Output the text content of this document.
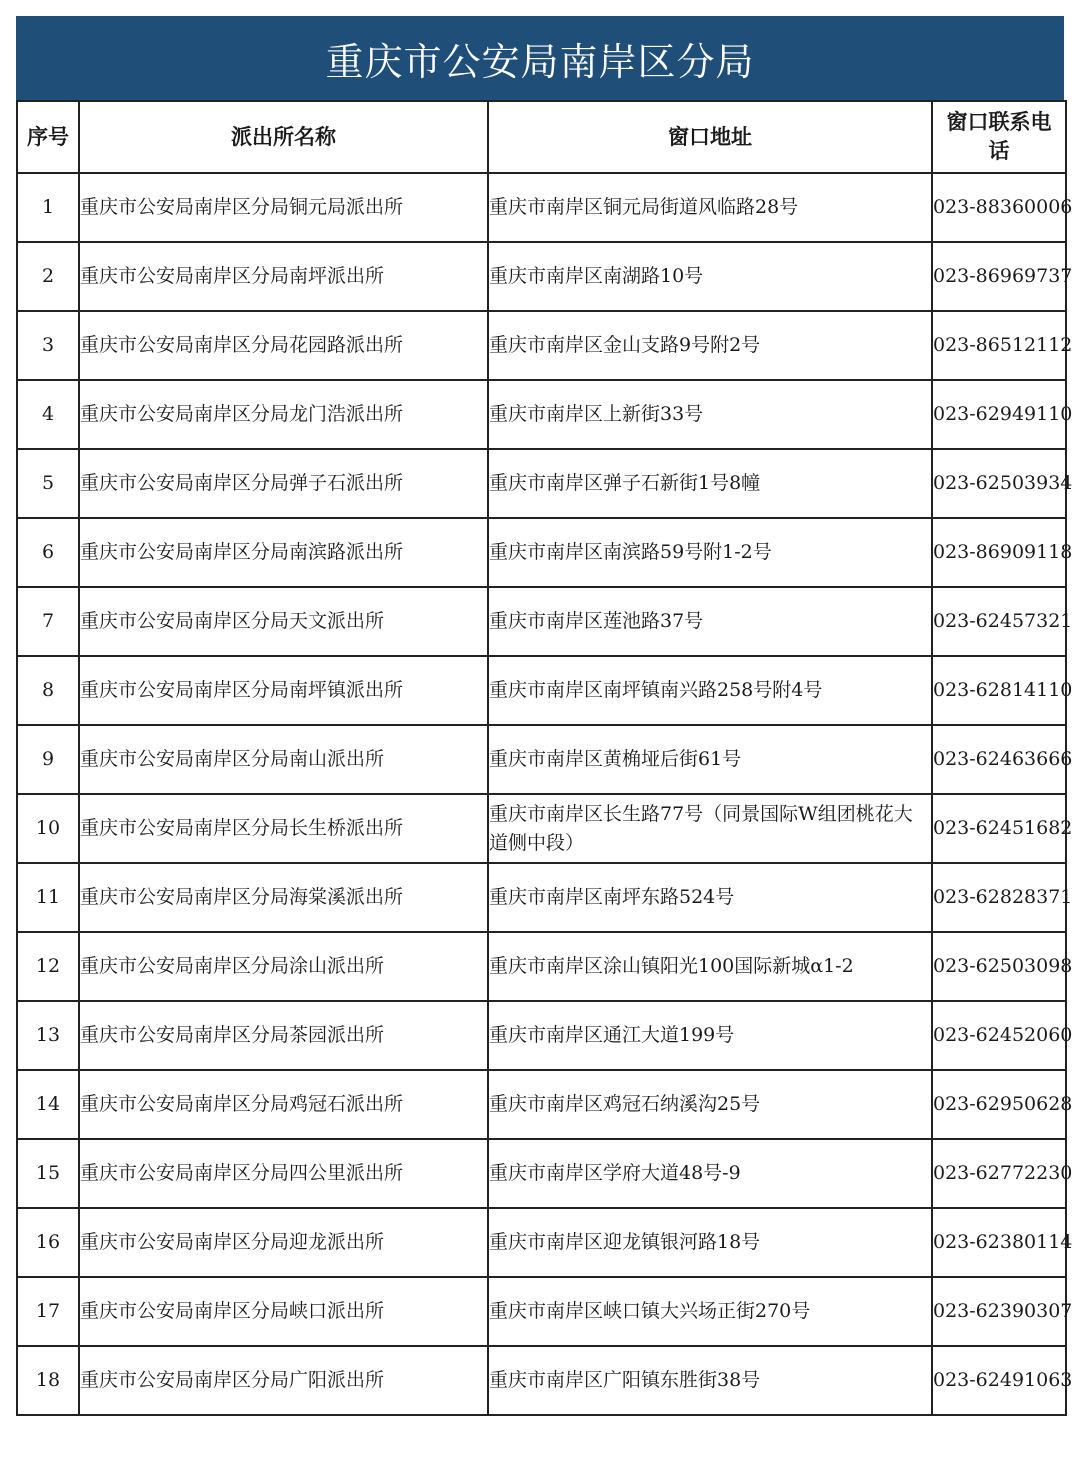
重庆市公安局南岸区分局
序号	派出所名称	窗口地址	窗口联系电话
1	重庆市公安局南岸区分局铜元局派出所	重庆市南岸区铜元局街道风临路28号	023-88360006
2	重庆市公安局南岸区分局南坪派出所	重庆市南岸区南湖路10号	023-86969737
3	重庆市公安局南岸区分局花园路派出所	重庆市南岸区金山支路9号附2号	023-86512112
4	重庆市公安局南岸区分局龙门浩派出所	重庆市南岸区上新街33号	023-62949110
5	重庆市公安局南岸区分局弹子石派出所	重庆市南岸区弹子石新街1号8幢	023-62503934
6	重庆市公安局南岸区分局南滨路派出所	重庆市南岸区南滨路59号附1-2号	023-86909118
7	重庆市公安局南岸区分局天文派出所	重庆市南岸区莲池路37号	023-62457321
8	重庆市公安局南岸区分局南坪镇派出所	重庆市南岸区南坪镇南兴路258号附4号	023-62814110
9	重庆市公安局南岸区分局南山派出所	重庆市南岸区黄桷垭后街61号	023-62463666
10	重庆市公安局南岸区分局长生桥派出所	重庆市南岸区长生路77号（同景国际W组团桃花大道侧中段）	023-62451682
11	重庆市公安局南岸区分局海棠溪派出所	重庆市南岸区南坪东路524号	023-62828371
12	重庆市公安局南岸区分局涂山派出所	重庆市南岸区涂山镇阳光100国际新城α1-2	023-62503098
13	重庆市公安局南岸区分局茶园派出所	重庆市南岸区通江大道199号	023-62452060
14	重庆市公安局南岸区分局鸡冠石派出所	重庆市南岸区鸡冠石纳溪沟25号	023-62950628
15	重庆市公安局南岸区分局四公里派出所	重庆市南岸区学府大道48号-9	023-62772230
16	重庆市公安局南岸区分局迎龙派出所	重庆市南岸区迎龙镇银河路18号	023-62380114
17	重庆市公安局南岸区分局峡口派出所	重庆市南岸区峡口镇大兴场正街270号	023-62390307
18	重庆市公安局南岸区分局广阳派出所	重庆市南岸区广阳镇东胜街38号	023-62491063
